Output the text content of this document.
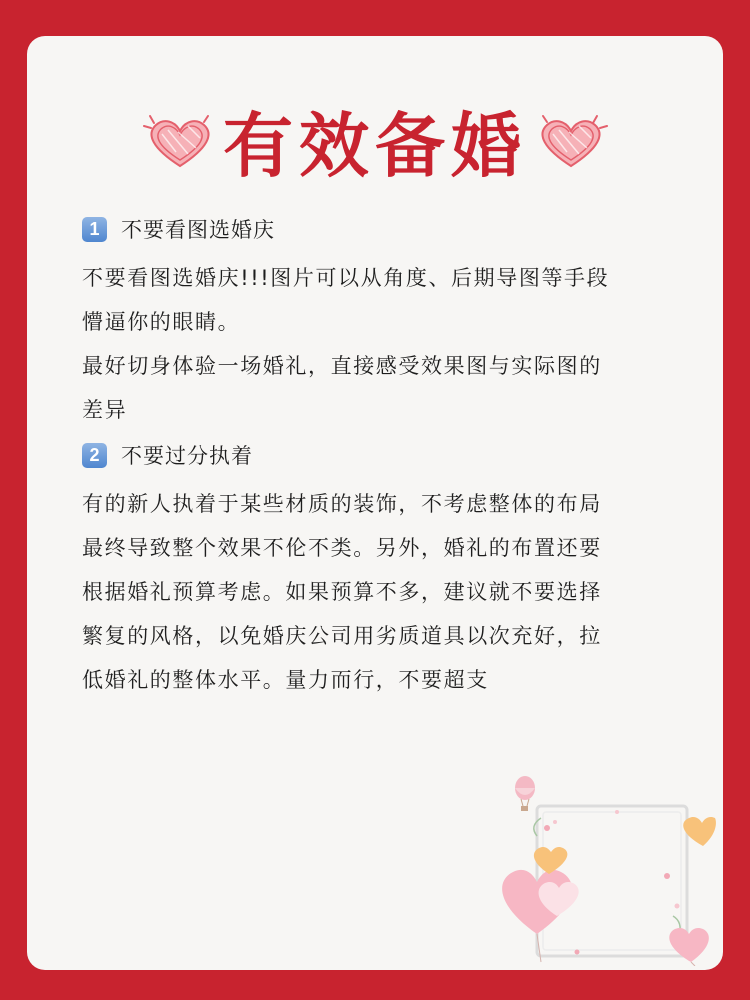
有效备婚
1	不要看图选婚庆
不要看图选婚庆!!!图片可以从角度、后期导图等手段
懵逼你的眼睛。
最好切身体验一场婚礼，直接感受效果图与实际图的
差异
2	不要过分执着
有的新人执着于某些材质的装饰，不考虑整体的布局
最终导致整个效果不伦不类。另外，婚礼的布置还要
根据婚礼预算考虑。如果预算不多，建议就不要选择
繁复的风格，以免婚庆公司用劣质道具以次充好，拉
低婚礼的整体水平。量力而行，不要超支
